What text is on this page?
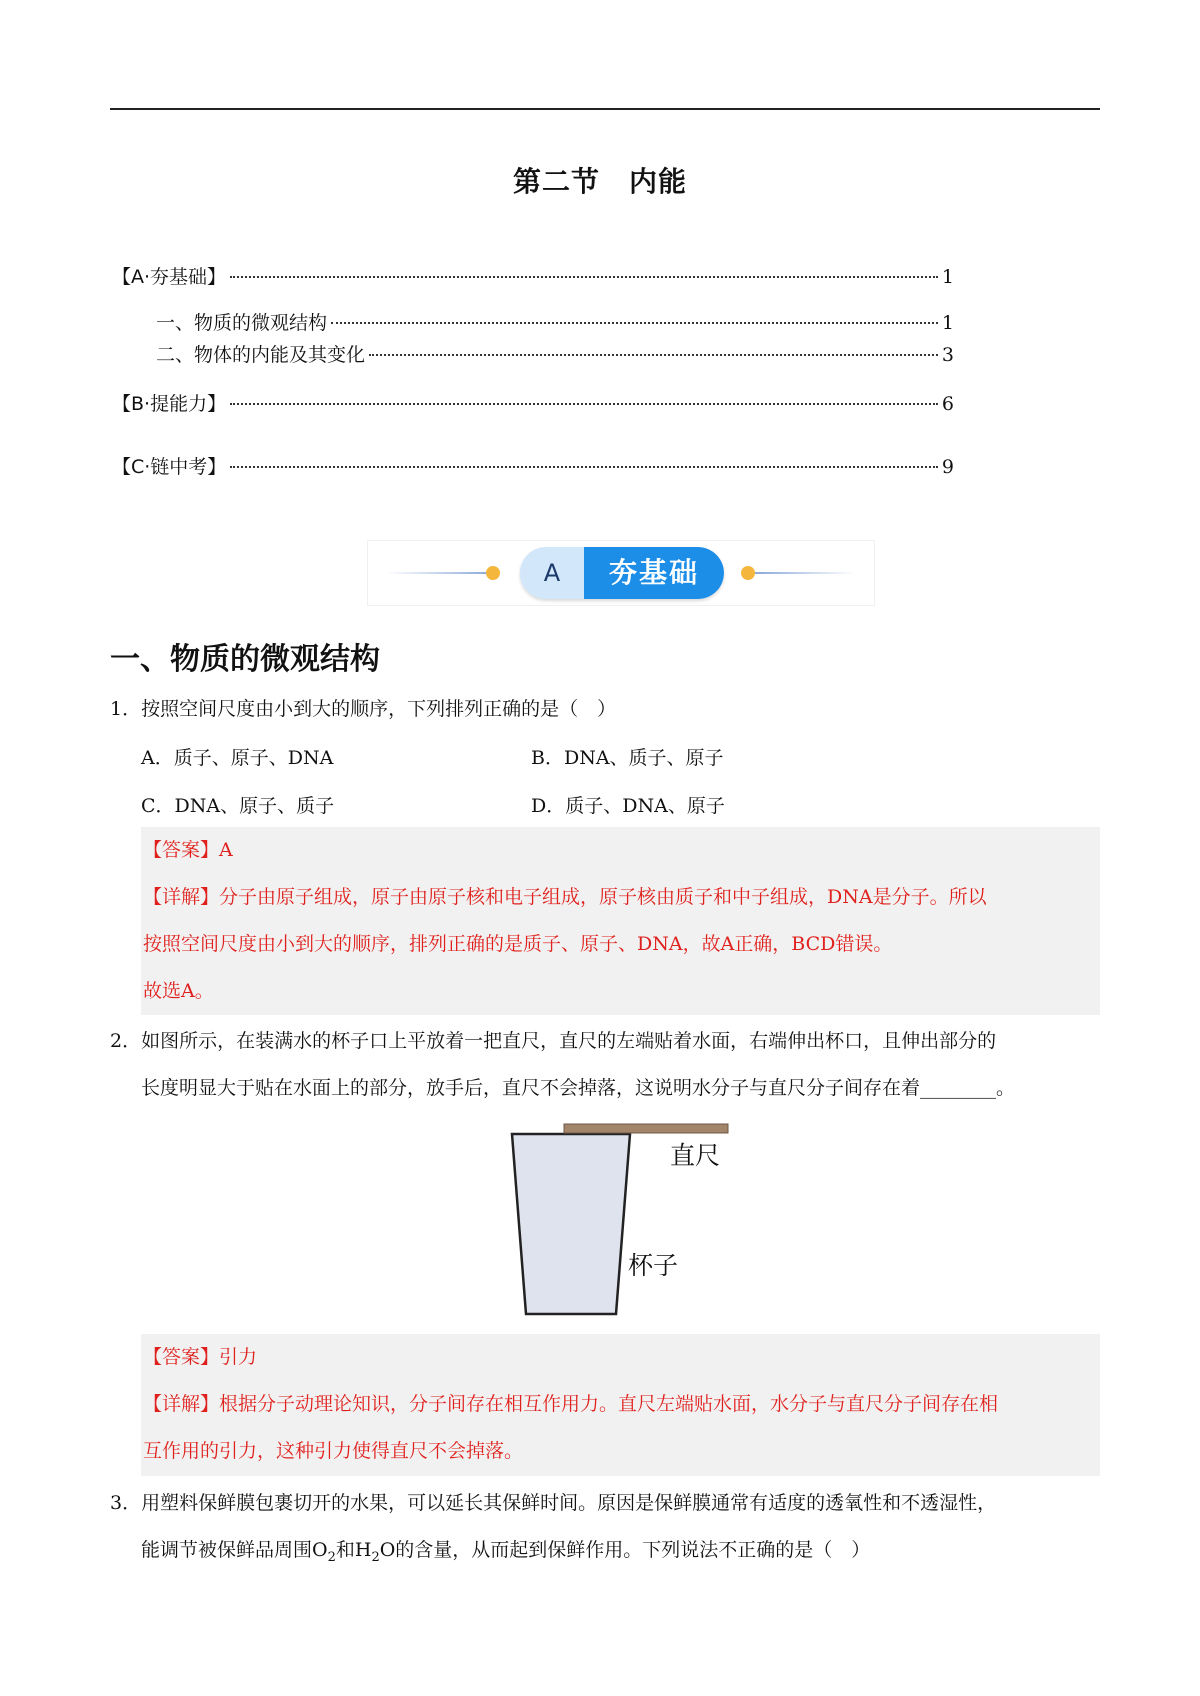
第二节　内能
【A·夯基础】	1
一、物质的微观结构	1
二、物体的内能及其变化	3
【B·提能力】	6
【C·链中考】	9
A	夯基础
一、物质的微观结构
1．按照空间尺度由小到大的顺序，下列排列正确的是（　）
A．质子、原子、DNA	B．DNA、质子、原子
C．DNA、原子、质子	D．质子、DNA、原子
【答案】A
【详解】分子由原子组成，原子由原子核和电子组成，原子核由质子和中子组成，DNA是分子。所以
按照空间尺度由小到大的顺序，排列正确的是质子、原子、DNA，故A正确，BCD错误。
故选A。
2．如图所示，在装满水的杯子口上平放着一把直尺，直尺的左端贴着水面，右端伸出杯口，且伸出部分的
长度明显大于贴在水面上的部分，放手后，直尺不会掉落，这说明水分子与直尺分子间存在着________。
直尺
杯子
【答案】引力
【详解】根据分子动理论知识，分子间存在相互作用力。直尺左端贴水面，水分子与直尺分子间存在相
互作用的引力，这种引力使得直尺不会掉落。
3．用塑料保鲜膜包裹切开的水果，可以延长其保鲜时间。原因是保鲜膜通常有适度的透氧性和不透湿性，
能调节被保鲜品周围$O_2$和$H_2O$的含量，从而起到保鲜作用。下列说法不正确的是（　）
